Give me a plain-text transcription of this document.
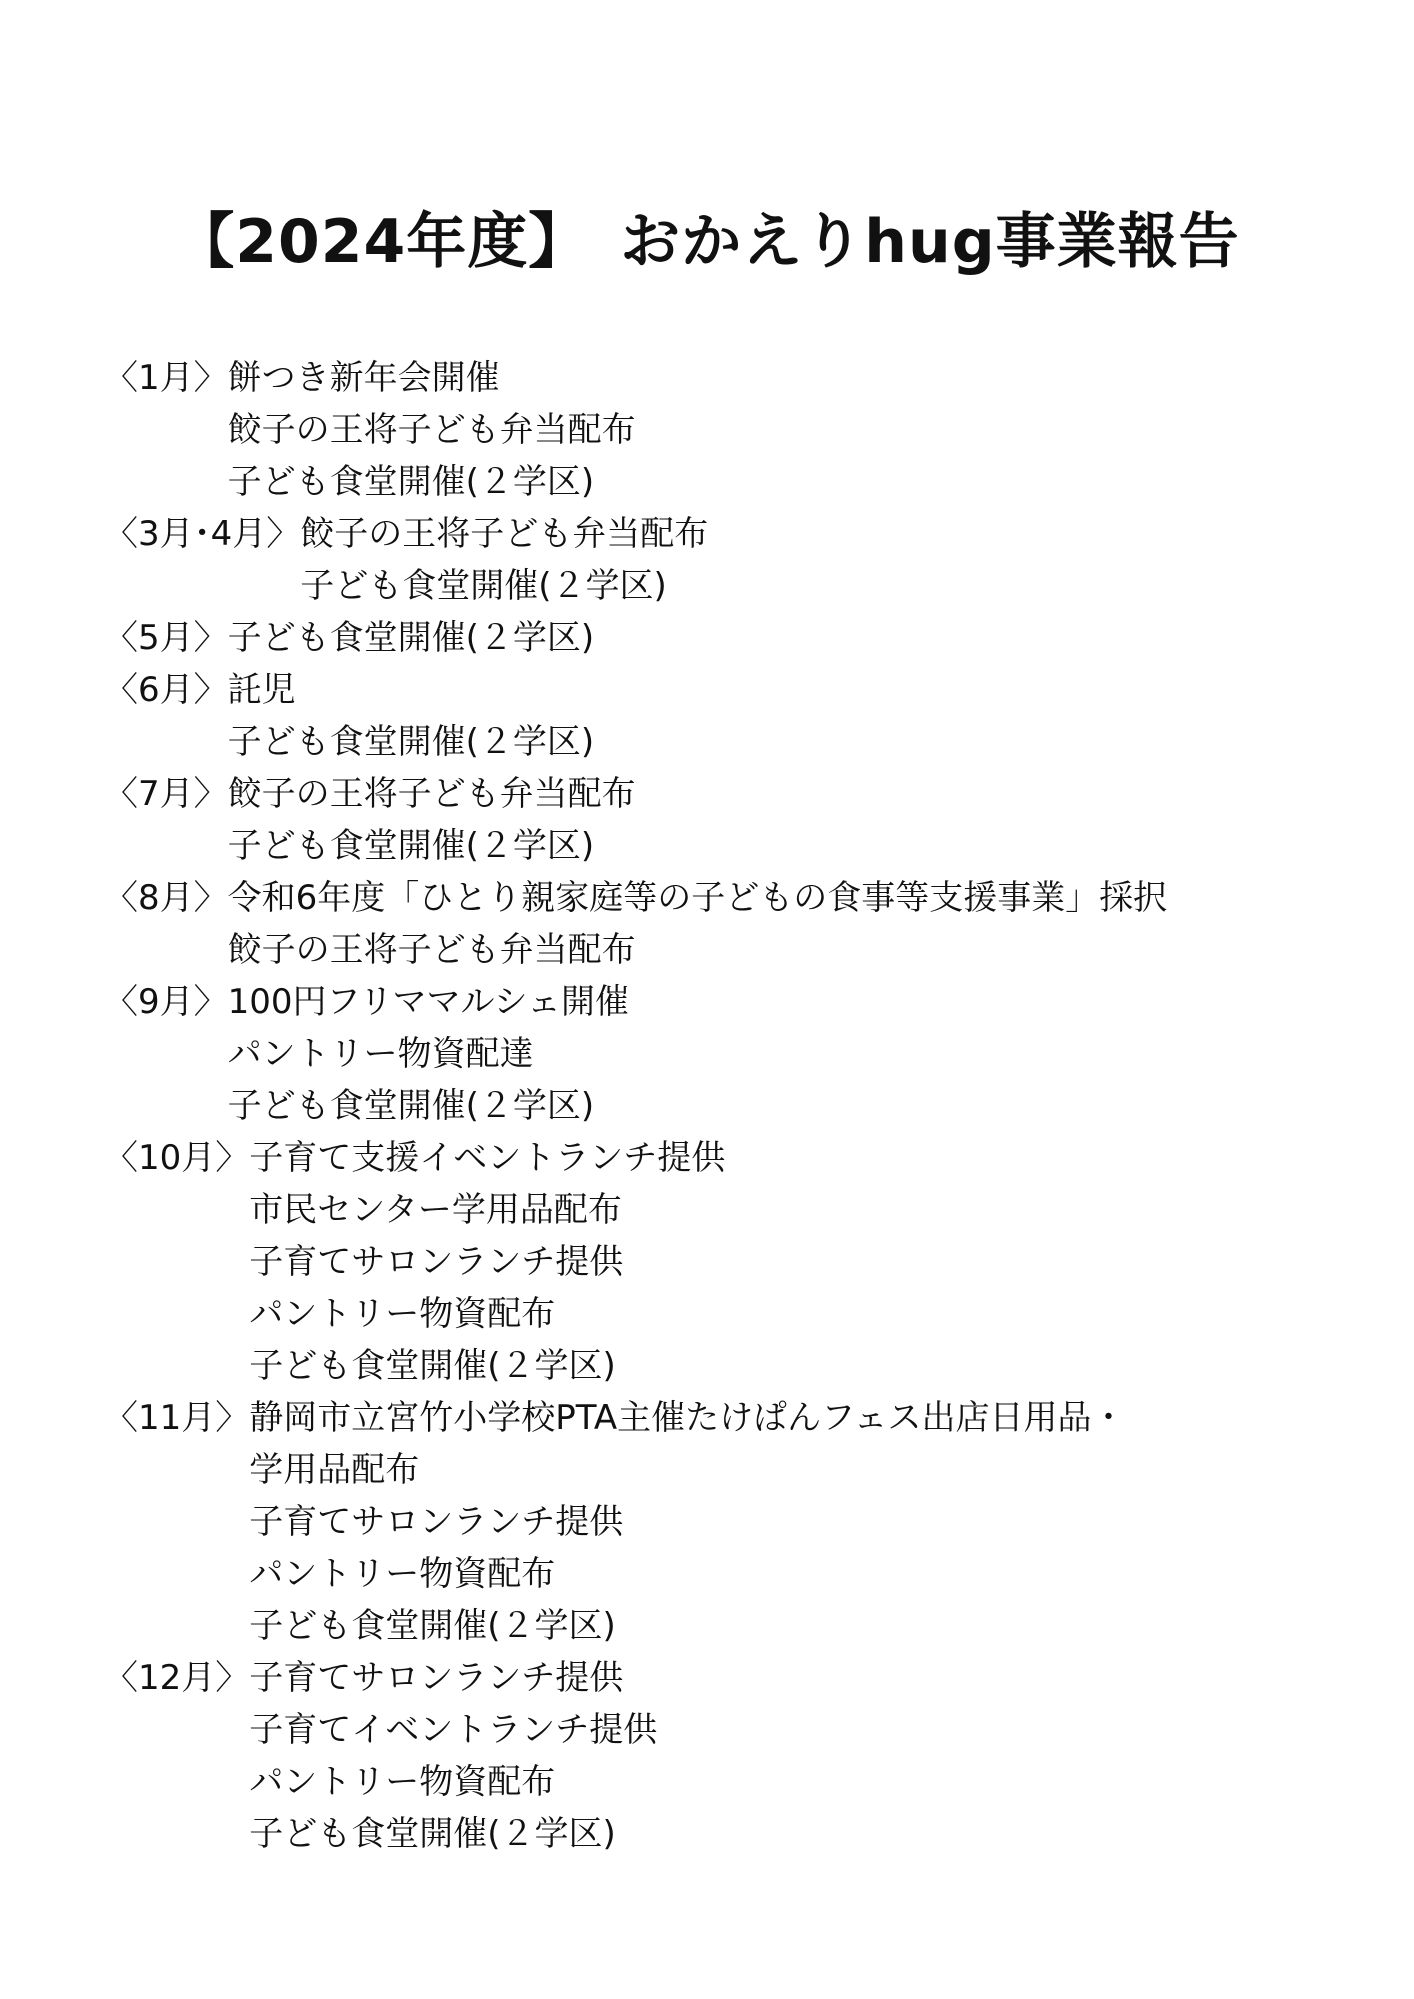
【2024年度】　おかえりhug事業報告
〈1月〉 餅つき新年会開催
餃子の王将子ども弁当配布
子ども食堂開催(２学区)
〈3月･4月〉 餃子の王将子ども弁当配布
子ども食堂開催(２学区)
〈5月〉 子ども食堂開催(２学区)
〈6月〉 託児
子ども食堂開催(２学区)
〈7月〉 餃子の王将子ども弁当配布
子ども食堂開催(２学区)
〈8月〉 令和6年度「ひとり親家庭等の子どもの食事等支援事業」採択
餃子の王将子ども弁当配布
〈9月〉 100円フリママルシェ開催
パントリー物資配達
子ども食堂開催(２学区)
〈10月〉 子育て支援イベントランチ提供
市民センター学用品配布
子育てサロンランチ提供
パントリー物資配布
子ども食堂開催(２学区)
〈11月〉 静岡市立宮竹小学校PTA主催たけぱんフェス出店日用品・
学用品配布
子育てサロンランチ提供
パントリー物資配布
子ども食堂開催(２学区)
〈12月〉 子育てサロンランチ提供
子育てイベントランチ提供
パントリー物資配布
子ども食堂開催(２学区)
